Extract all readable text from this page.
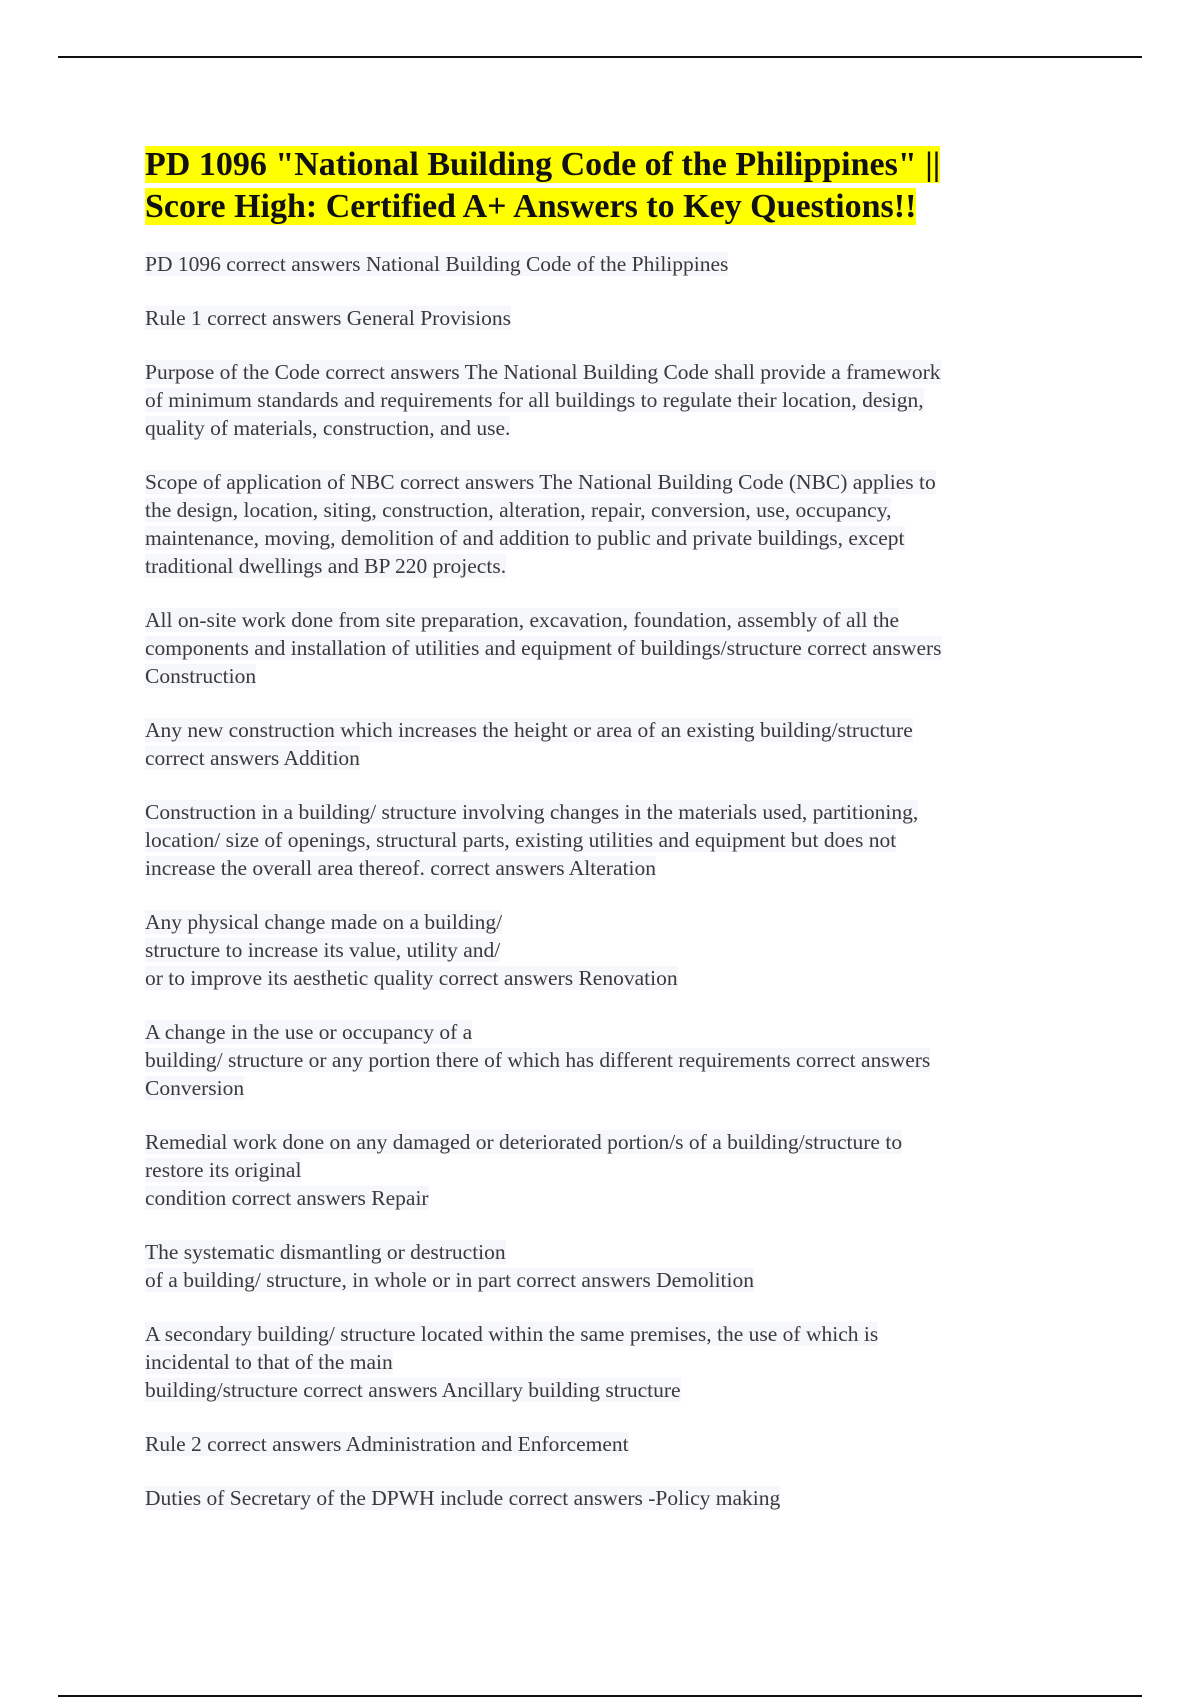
PD 1096 "National Building Code of the Philippines" ||
Score High: Certified A+ Answers to Key Questions!!

PD 1096 correct answers National Building Code of the Philippines

Rule 1 correct answers General Provisions

Purpose of the Code correct answers The National Building Code shall provide a framework
of minimum standards and requirements for all buildings to regulate their location, design,
quality of materials, construction, and use.

Scope of application of NBC correct answers The National Building Code (NBC) applies to
the design, location, siting, construction, alteration, repair, conversion, use, occupancy,
maintenance, moving, demolition of and addition to public and private buildings, except
traditional dwellings and BP 220 projects.

All on-site work done from site preparation, excavation, foundation, assembly of all the
components and installation of utilities and equipment of buildings/structure correct answers
Construction

Any new construction which increases the height or area of an existing building/structure
correct answers Addition

Construction in a building/ structure involving changes in the materials used, partitioning,
location/ size of openings, structural parts, existing utilities and equipment but does not
increase the overall area thereof. correct answers Alteration

Any physical change made on a building/
structure to increase its value, utility and/
or to improve its aesthetic quality correct answers Renovation

A change in the use or occupancy of a
building/ structure or any portion there of which has different requirements correct answers
Conversion

Remedial work done on any damaged or deteriorated portion/s of a building/structure to
restore its original
condition correct answers Repair

The systematic dismantling or destruction
of a building/ structure, in whole or in part correct answers Demolition

A secondary building/ structure located within the same premises, the use of which is
incidental to that of the main
building/structure correct answers Ancillary building structure

Rule 2 correct answers Administration and Enforcement

Duties of Secretary of the DPWH include correct answers -Policy making
